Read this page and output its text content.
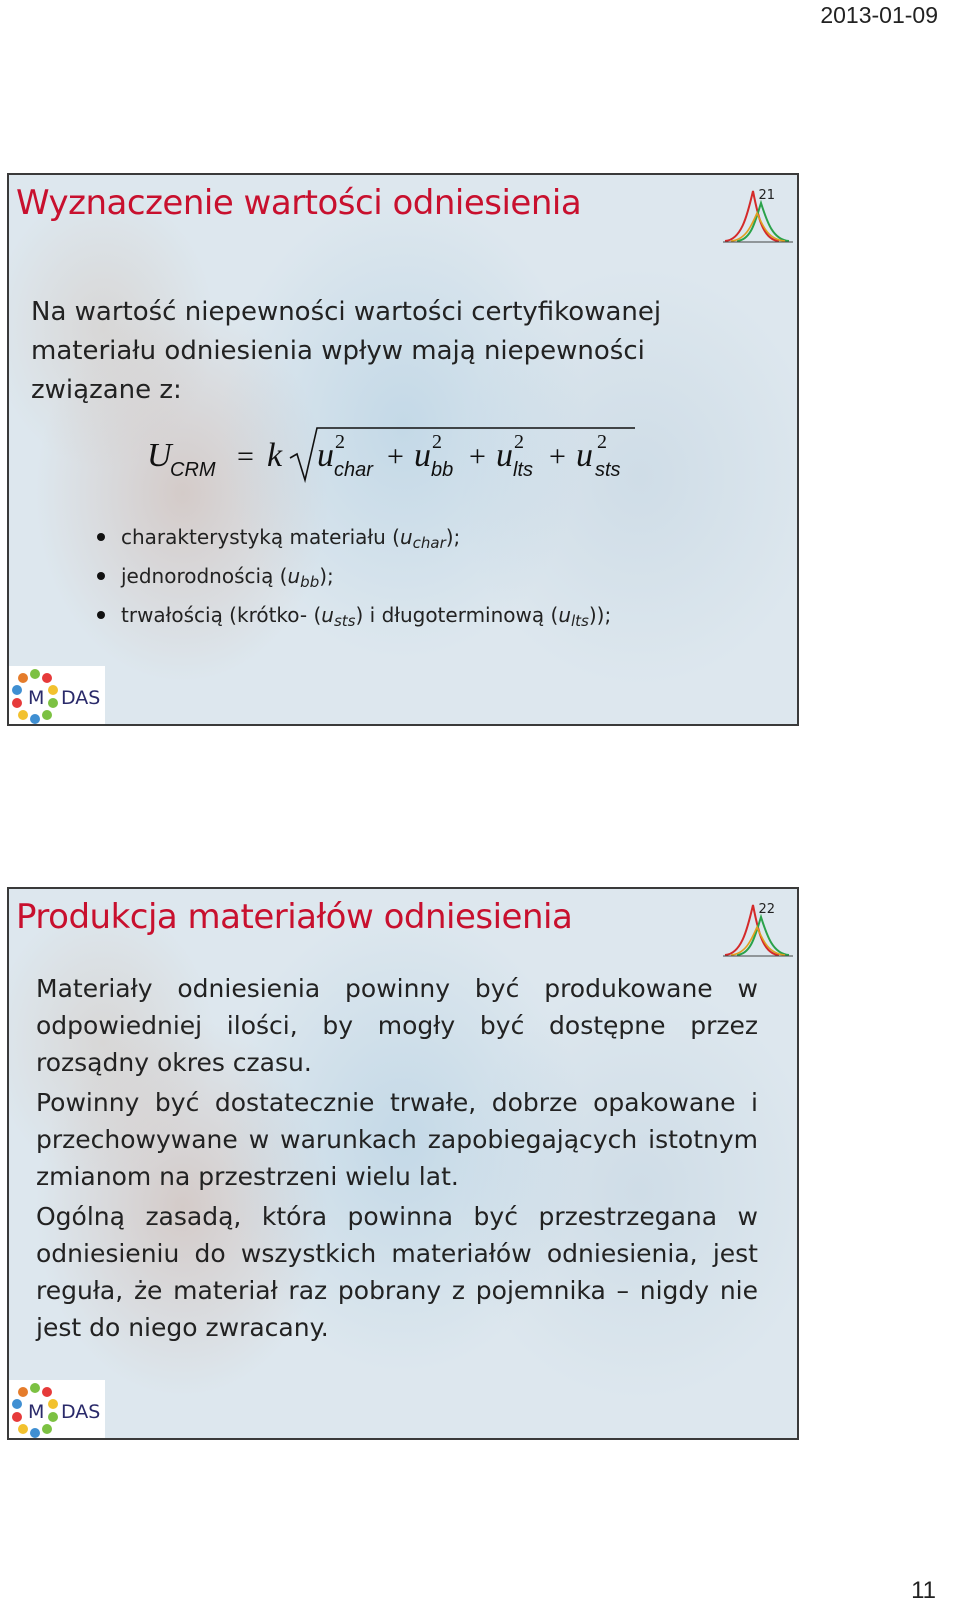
2013-01-09
Wyznaczenie wartości odniesienia	21
Na wartość niepewności wartości certyfikowanej materiału odniesienia wpływ mają niepewności związane z:
U
CRM = k u 2
char + u 2
bb + u 2
lts + u 2
sts
charakterystyką materiału $(u_{char})$;
jednorodnością $(u_{bb})$;
trwałością (krótko- $(u_{sts})$ i długoterminową $(u_{lts})$);
M DAS
Produkcja materiałów odniesienia	22

Materiały odniesienia powinny być produkowane w odpowiedniej ilości, by mogły być dostępne przez rozsądny okres czasu.

Powinny być dostatecznie trwałe, dobrze opakowane i przechowywane w warunkach zapobiegających istotnym zmianom na przestrzeni wielu lat.

Ogólną zasadą, która powinna być przestrzegana w odniesieniu do wszystkich materiałów odniesienia, jest reguła, że materiał raz pobrany z pojemnika – nigdy nie jest do niego zwracany.

M DAS
11
